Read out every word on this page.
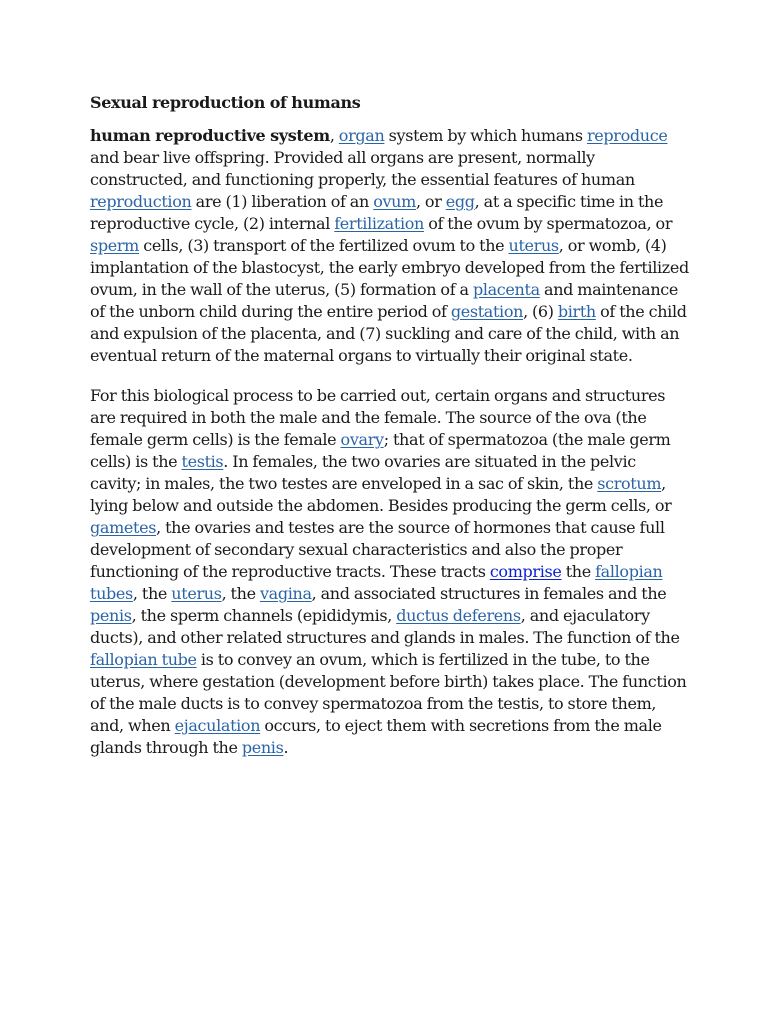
Sexual reproduction of humans

human reproductive system, organ system by which humans reproduce and bear live offspring. Provided all organs are present, normally constructed, and functioning properly, the essential features of human reproduction are (1) liberation of an ovum, or egg, at a specific time in the reproductive cycle, (2) internal fertilization of the ovum by spermatozoa, or sperm cells, (3) transport of the fertilized ovum to the uterus, or womb, (4) implantation of the blastocyst, the early embryo developed from the fertilized ovum, in the wall of the uterus, (5) formation of a placenta and maintenance of the unborn child during the entire period of gestation, (6) birth of the child and expulsion of the placenta, and (7) suckling and care of the child, with an eventual return of the maternal organs to virtually their original state.

For this biological process to be carried out, certain organs and structures are required in both the male and the female. The source of the ova (the female germ cells) is the female ovary; that of spermatozoa (the male germ cells) is the testis. In females, the two ovaries are situated in the pelvic cavity; in males, the two testes are enveloped in a sac of skin, the scrotum, lying below and outside the abdomen. Besides producing the germ cells, or gametes, the ovaries and testes are the source of hormones that cause full development of secondary sexual characteristics and also the proper functioning of the reproductive tracts. These tracts comprise the fallopian tubes, the uterus, the vagina, and associated structures in females and the penis, the sperm channels (epididymis, ductus deferens, and ejaculatory ducts), and other related structures and glands in males. The function of the fallopian tube is to convey an ovum, which is fertilized in the tube, to the uterus, where gestation (development before birth) takes place. The function of the male ducts is to convey spermatozoa from the testis, to store them, and, when ejaculation occurs, to eject them with secretions from the male glands through the penis.
